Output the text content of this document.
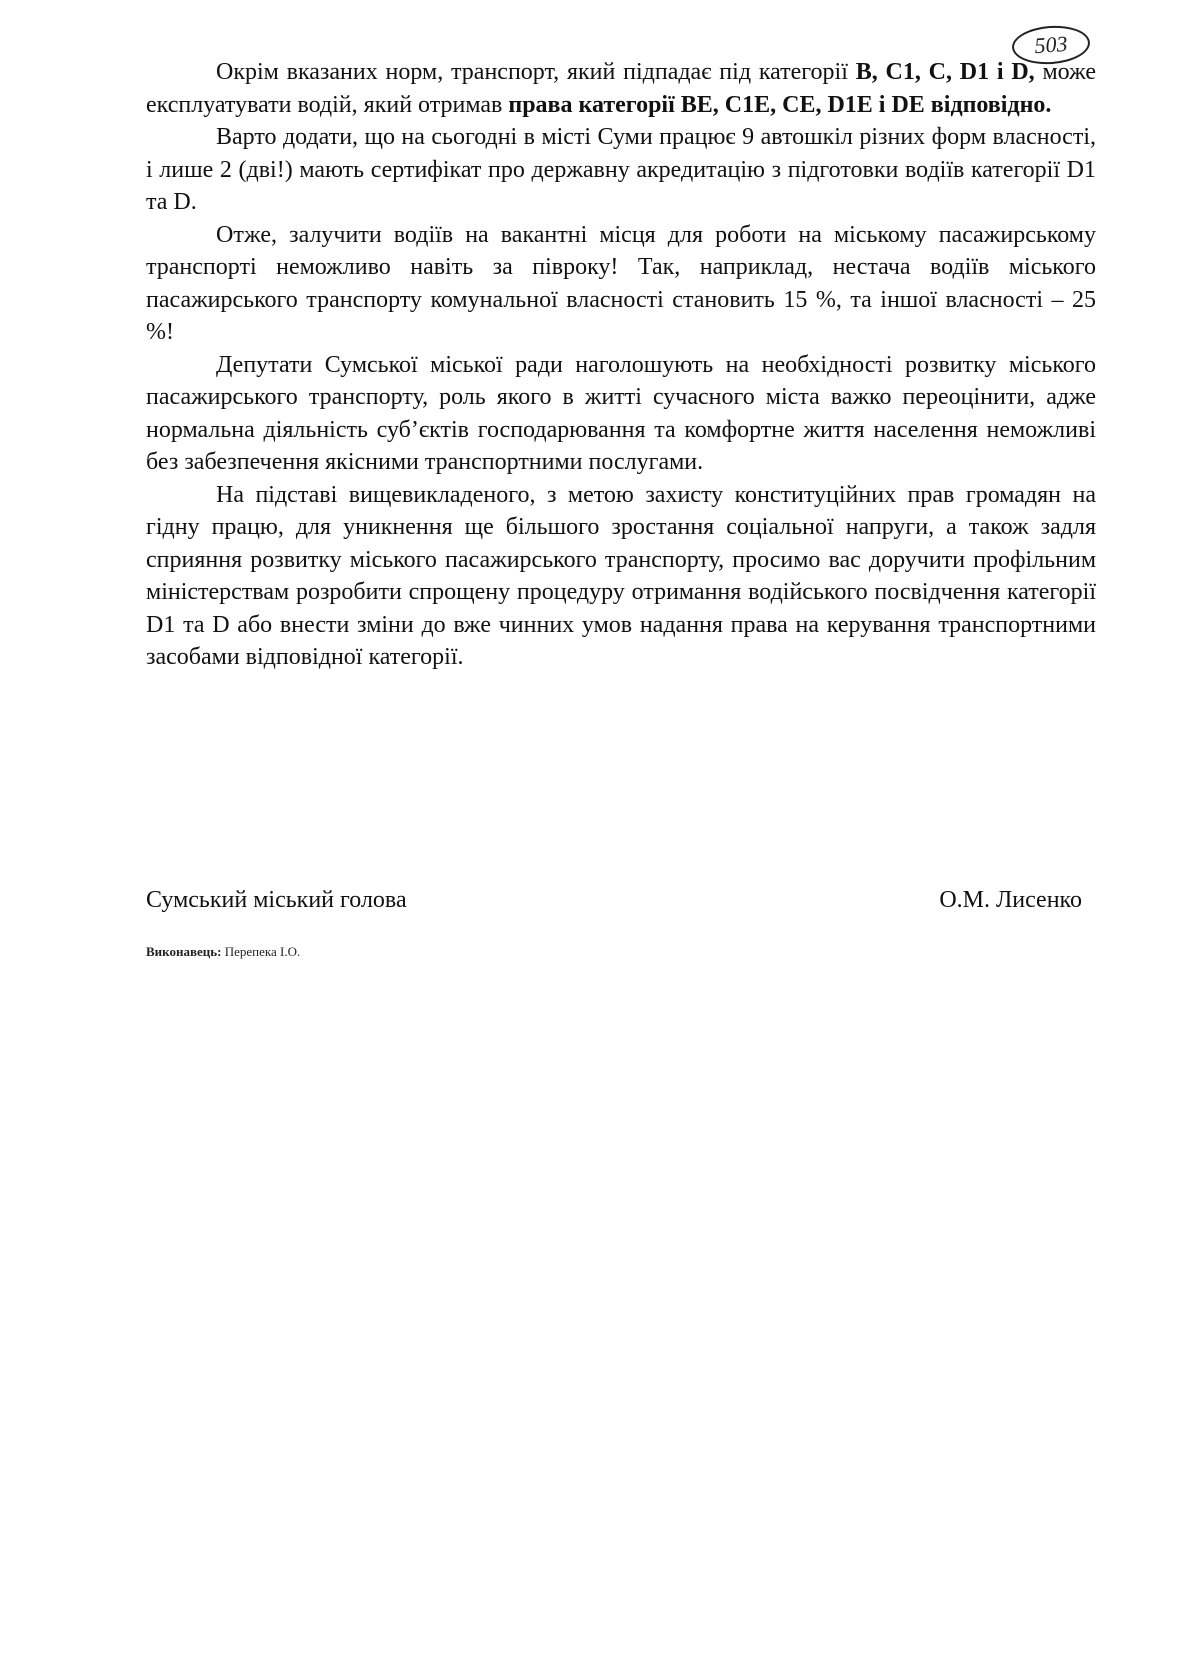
503

Окрім вказаних норм, транспорт, який підпадає під категорії B, C1, C, D1 і D, може експлуатувати водій, який отримав права категорії BE, C1E, CE, D1E і DE відповідно.

Варто додати, що на сьогодні в місті Суми працює 9 автошкіл різних форм власності, і лише 2 (дві!) мають сертифікат про державну акредитацію з підготовки водіїв категорії D1 та D.

Отже, залучити водіїв на вакантні місця для роботи на міському пасажирському транспорті неможливо навіть за півроку! Так, наприклад, нестача водіїв міського пасажирського транспорту комунальної власності становить 15 %, та іншої власності – 25 %!

Депутати Сумської міської ради наголошують на необхідності розвитку міського пасажирського транспорту, роль якого в житті сучасного міста важко переоцінити, адже нормальна діяльність суб’єктів господарювання та комфортне життя населення неможливі без забезпечення якісними транспортними послугами.

На підставі вищевикладеного, з метою захисту конституційних прав громадян на гідну працю, для уникнення ще більшого зростання соціальної напруги, а також задля сприяння розвитку міського пасажирського транспорту, просимо вас доручити профільним міністерствам розробити спрощену процедуру отримання водійського посвідчення категорії D1 та D або внести зміни до вже чинних умов надання права на керування транспортними засобами відповідної категорії.

Сумський міський голова	О.М. Лисенко
Виконавець: Перепека І.О.
